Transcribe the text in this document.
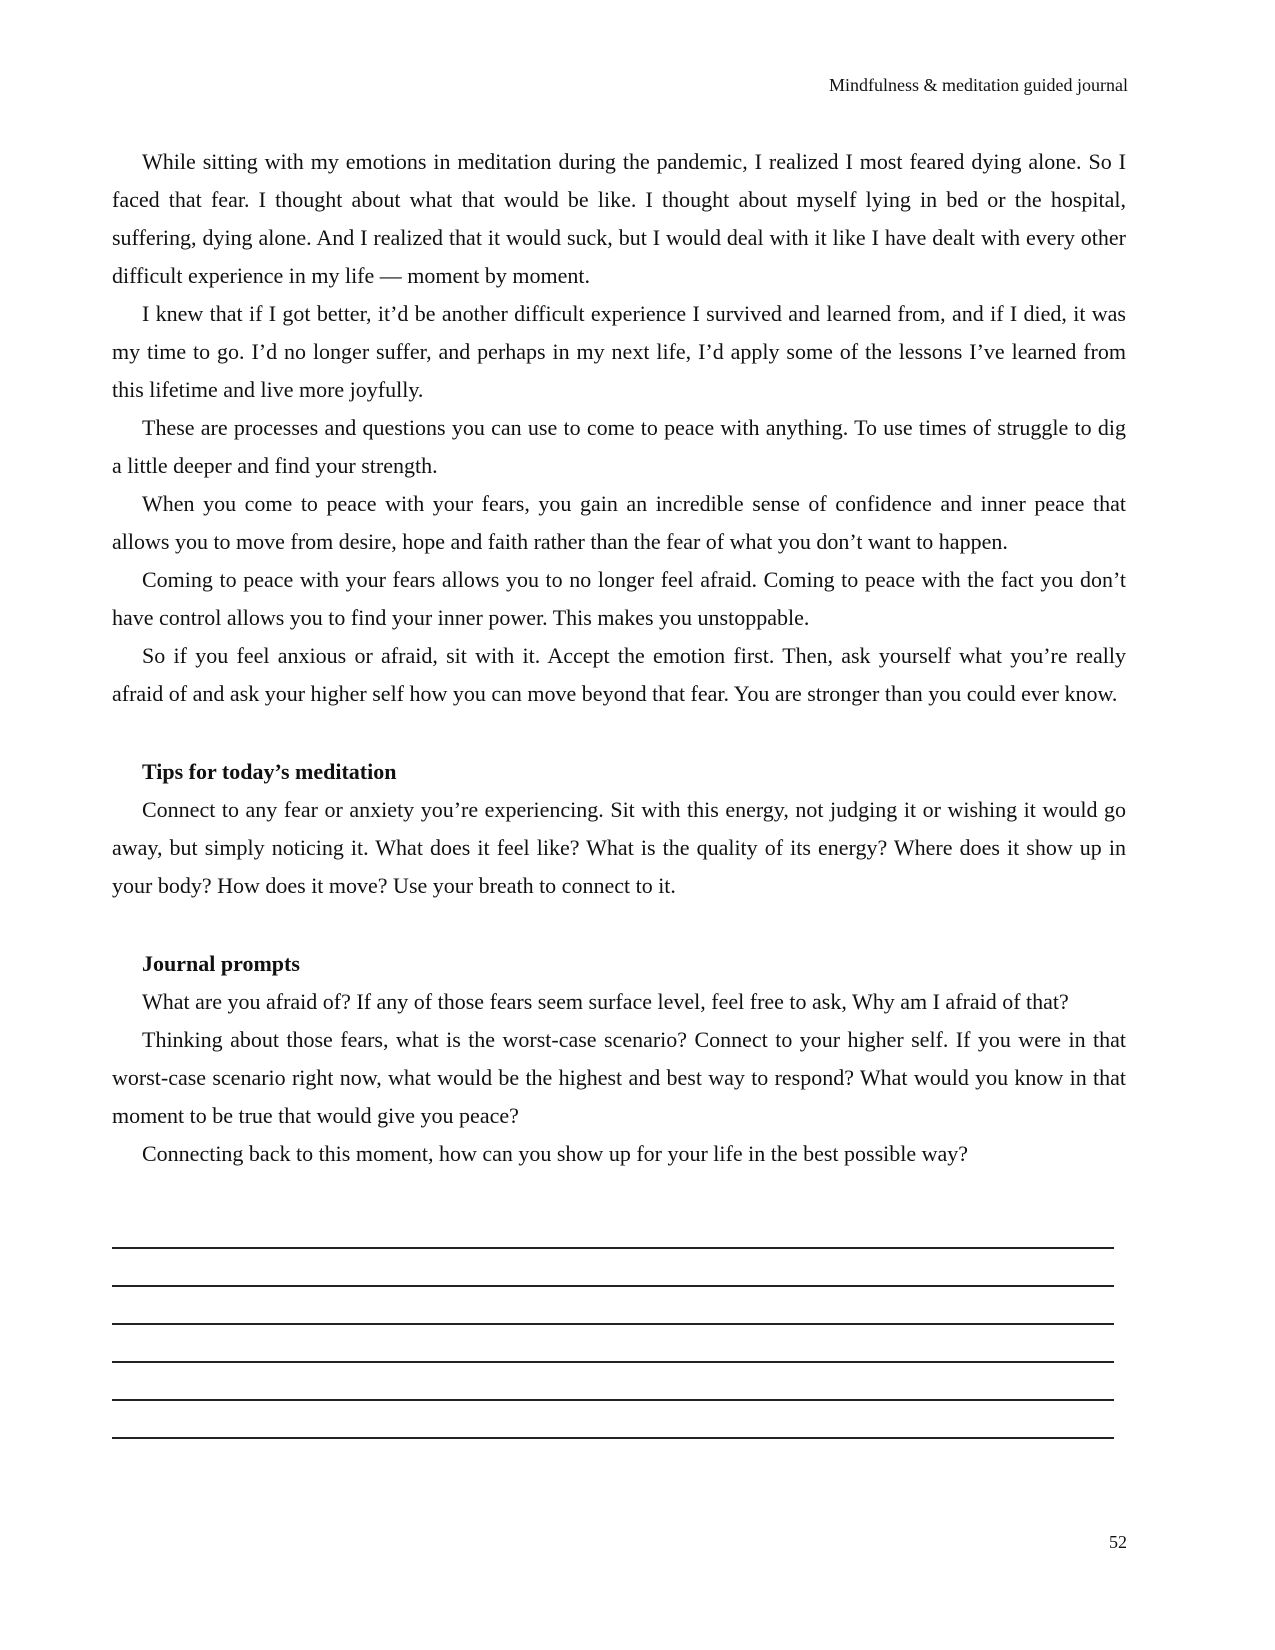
Mindfulness & meditation guided journal

While sitting with my emotions in meditation during the pandemic, I realized I most feared dying alone. So I faced that fear. I thought about what that would be like. I thought about myself lying in bed or the hospital, suffering, dying alone. And I realized that it would suck, but I would deal with it like I have dealt with every other difficult experience in my life — moment by moment.

I knew that if I got better, it’d be another difficult experience I survived and learned from, and if I died, it was my time to go. I’d no longer suffer, and perhaps in my next life, I’d apply some of the lessons I’ve learned from this lifetime and live more joyfully.

These are processes and questions you can use to come to peace with anything. To use times of struggle to dig a little deeper and find your strength.

When you come to peace with your fears, you gain an incredible sense of confidence and inner peace that allows you to move from desire, hope and faith rather than the fear of what you don’t want to happen.

Coming to peace with your fears allows you to no longer feel afraid. Coming to peace with the fact you don’t have control allows you to find your inner power. This makes you unstoppable.

So if you feel anxious or afraid, sit with it. Accept the emotion first. Then, ask yourself what you’re really afraid of and ask your higher self how you can move beyond that fear. You are stronger than you could ever know.

Tips for today’s meditation

Connect to any fear or anxiety you’re experiencing. Sit with this energy, not judging it or wishing it would go away, but simply noticing it. What does it feel like? What is the quality of its energy? Where does it show up in your body? How does it move? Use your breath to connect to it.

Journal prompts

What are you afraid of? If any of those fears seem surface level, feel free to ask, Why am I afraid of that?

Thinking about those fears, what is the worst-case scenario? Connect to your higher self. If you were in that worst-case scenario right now, what would be the highest and best way to respond? What would you know in that moment to be true that would give you peace?

Connecting back to this moment, how can you show up for your life in the best possible way?

52
